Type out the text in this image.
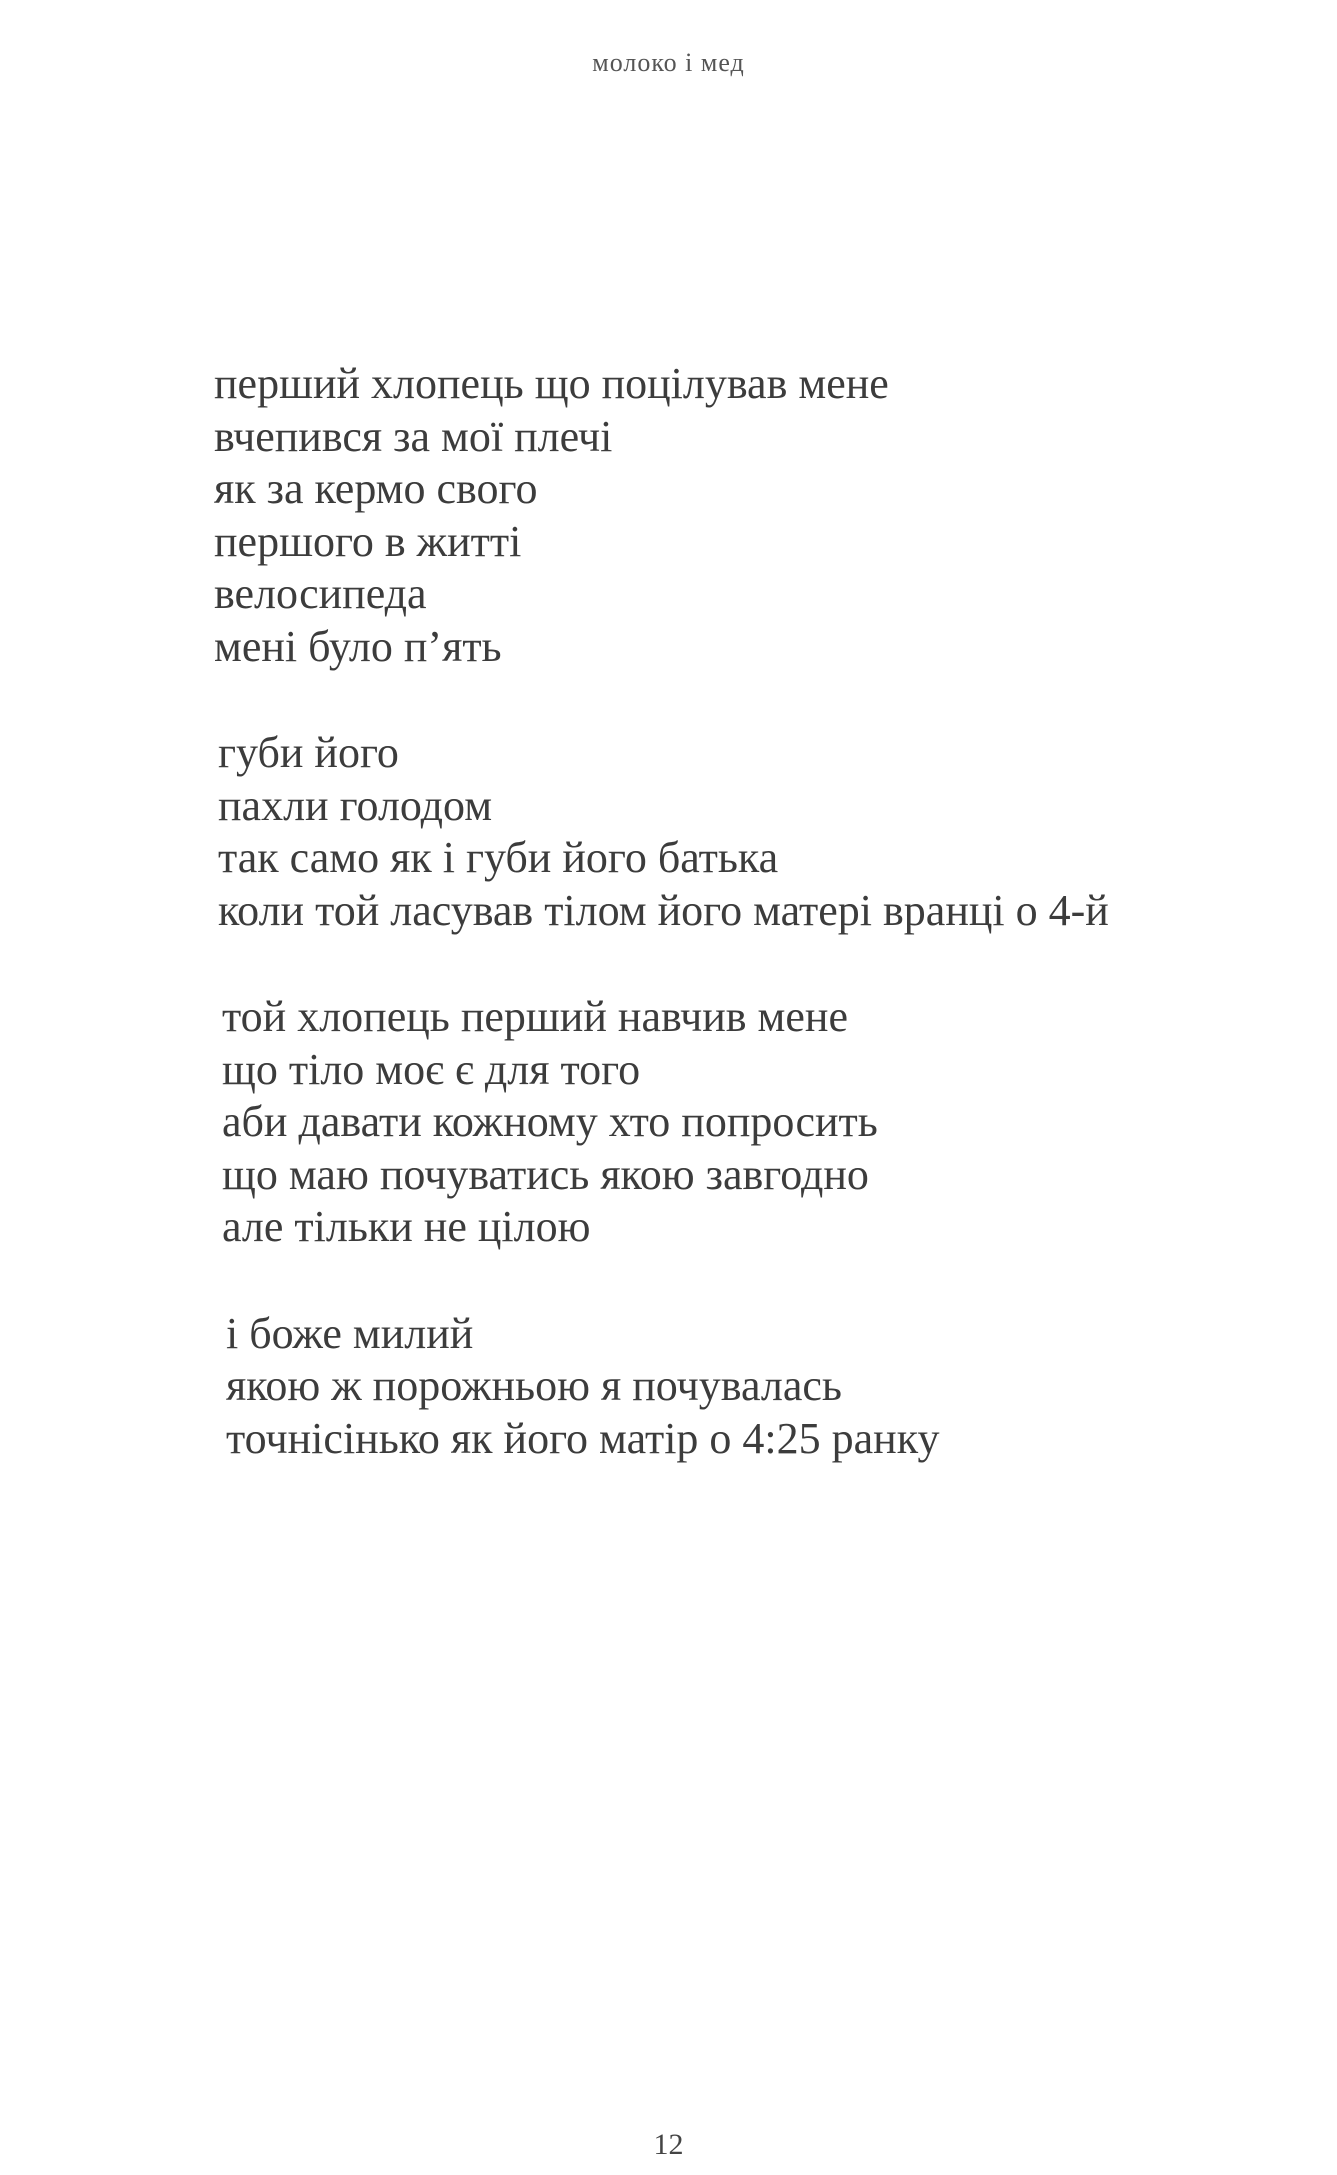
молоко і мед
перший хлопець що поцілував мене
вчепився за мої плечі
як за кермо свого
першого в житті
велосипеда
мені було п’ять
губи його
пахли голодом
так само як і губи його батька
коли той ласував тілом його матері вранці о 4-й
той хлопець перший навчив мене
що тіло моє є для того
аби давати кожному хто попросить
що маю почуватись якою завгодно
але тільки не цілою
і боже милий
якою ж порожньою я почувалась
точнісінько як його матір о 4:25 ранку
12
